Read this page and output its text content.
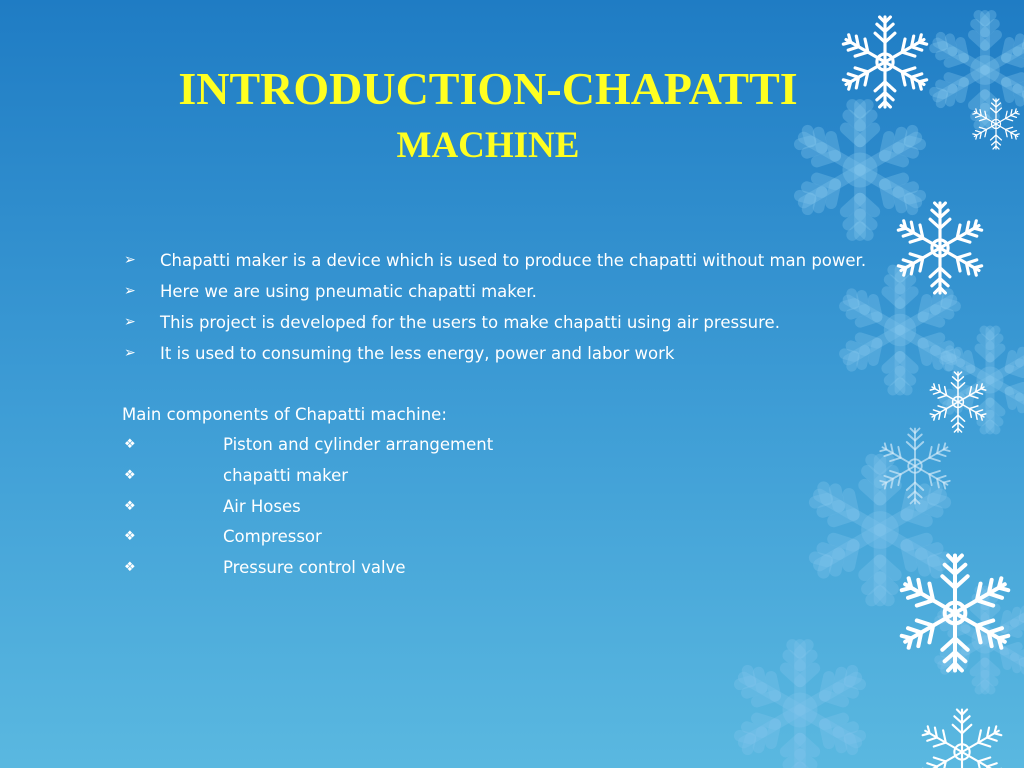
INTRODUCTION-CHAPATTI
MACHINE
➢ Chapatti maker is a device which is used to produce the chapatti without man power.
➢ Here we are using pneumatic chapatti maker.
➢ This project is developed for the users to make chapatti using air pressure.
➢ It is used to consuming the less energy, power and labor work

Main components of Chapatti machine:

❖	Piston and cylinder arrangement
❖	chapatti maker
❖	Air Hoses
❖	Compressor
❖	Pressure control valve
